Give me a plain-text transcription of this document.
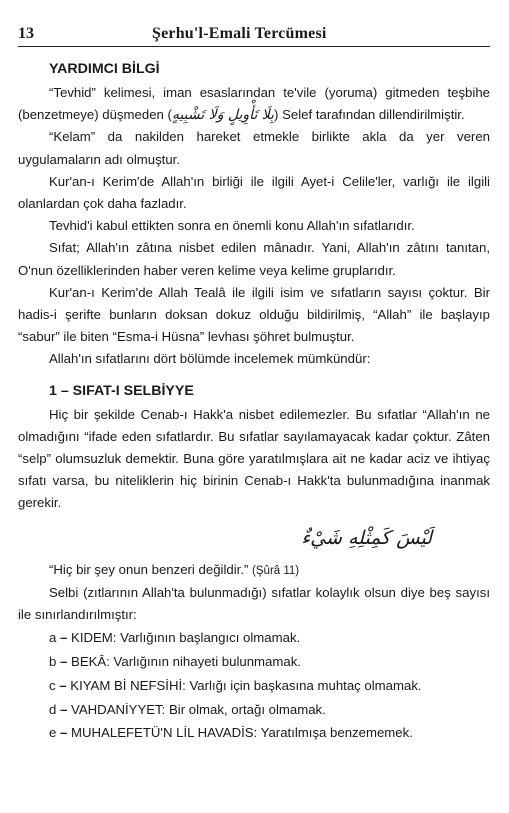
13	Şerhu'l-Emali Tercümesi
YARDIMCI BİLGİ

“Tevhid” kelimesi, iman esaslarından te'vile (yoruma) gitmeden teşbihe (benzetmeye) düşmeden (بِلَا تَأْوِيلٍ وَلَا تَشْبِيهٍ) Selef tarafından dillendirilmiştir.

“Kelam” da nakilden hareket etmekle birlikte akla da yer veren uygulamaların adı olmuştur.

Kur'an-ı Kerim'de Allah'ın birliği ile ilgili Ayet-i Celile'ler, varlığı ile ilgili olanlardan çok daha fazladır.

Tevhid'i kabul ettikten sonra en önemli konu Allah'ın sıfatlarıdır.

Sıfat; Allah'ın zâtına nisbet edilen mânadır. Yani, Allah'ın zâtını tanıtan, O'nun özelliklerinden haber veren kelime veya kelime gruplarıdır.

Kur'an-ı Kerim'de Allah Tealâ ile ilgili isim ve sıfatların sayısı çoktur. Bir hadis-i şerifte bunların doksan dokuz olduğu bildirilmiş, “Allah” ile başlayıp “sabur” ile biten “Esma-i Hüsna” levhası şöhret bulmuştur.

Allah'ın sıfatlarını dört bölümde incelemek mümkündür:

1 – SIFAT-I SELBİYYE

Hiç bir şekilde Cenab-ı Hakk'a nisbet edilemezler. Bu sıfatlar “Allah'ın ne olmadığını “ifade eden sıfatlardır. Bu sıfatlar sayılamayacak kadar çoktur. Zâten “selp” olumsuzluk demektir. Buna göre yaratılmışlara ait ne kadar aciz ve ihtiyaç sıfatı varsa, bu niteliklerin hiç birinin Cenab-ı Hakk'ta bulunmadığına inanmak gerekir.

لَيْسَ كَمِثْلِهِ شَيْءٌ

“Hiç bir şey onun benzeri değildir.” (Şûrâ 11)

Selbi (zıtlarının Allah'ta bulunmadığı) sıfatlar kolaylık olsun diye beş sayısı ile sınırlandırılmıştır:

a – KIDEM: Varlığının başlangıcı olmamak.
b – BEKÂ: Varlığının nihayeti bulunmamak.
c – KIYAM Bİ NEFSİHİ: Varlığı için başkasına muhtaç olmamak.
d – VAHDANİYYET: Bir olmak, ortağı olmamak.
e – MUHALEFETÜ'N LİL HAVADİS: Yaratılmışa benzememek.
